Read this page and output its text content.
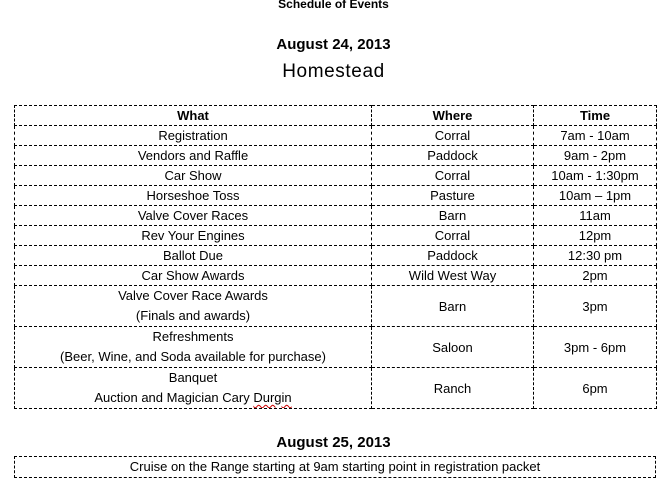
Schedule of Events
August 24, 2013
Homestead
What	Where	Time
Registration	Corral	7am - 10am
Vendors and Raffle	Paddock	9am - 2pm
Car Show	Corral	10am - 1:30pm
Horseshoe Toss	Pasture	10am – 1pm
Valve Cover Races	Barn	11am
Rev Your Engines	Corral	12pm
Ballot Due	Paddock	12:30 pm
Car Show Awards	Wild West Way	2pm

Valve Cover Race Awards
(Finals and awards)	Barn	3pm

Refreshments
(Beer, Wine, and Soda available for purchase)	Saloon	3pm - 6pm

Banquet
Auction and Magician Cary Durgin	Ranch	6pm
August 25, 2013
Cruise on the Range starting at 9am starting point in registration packet
